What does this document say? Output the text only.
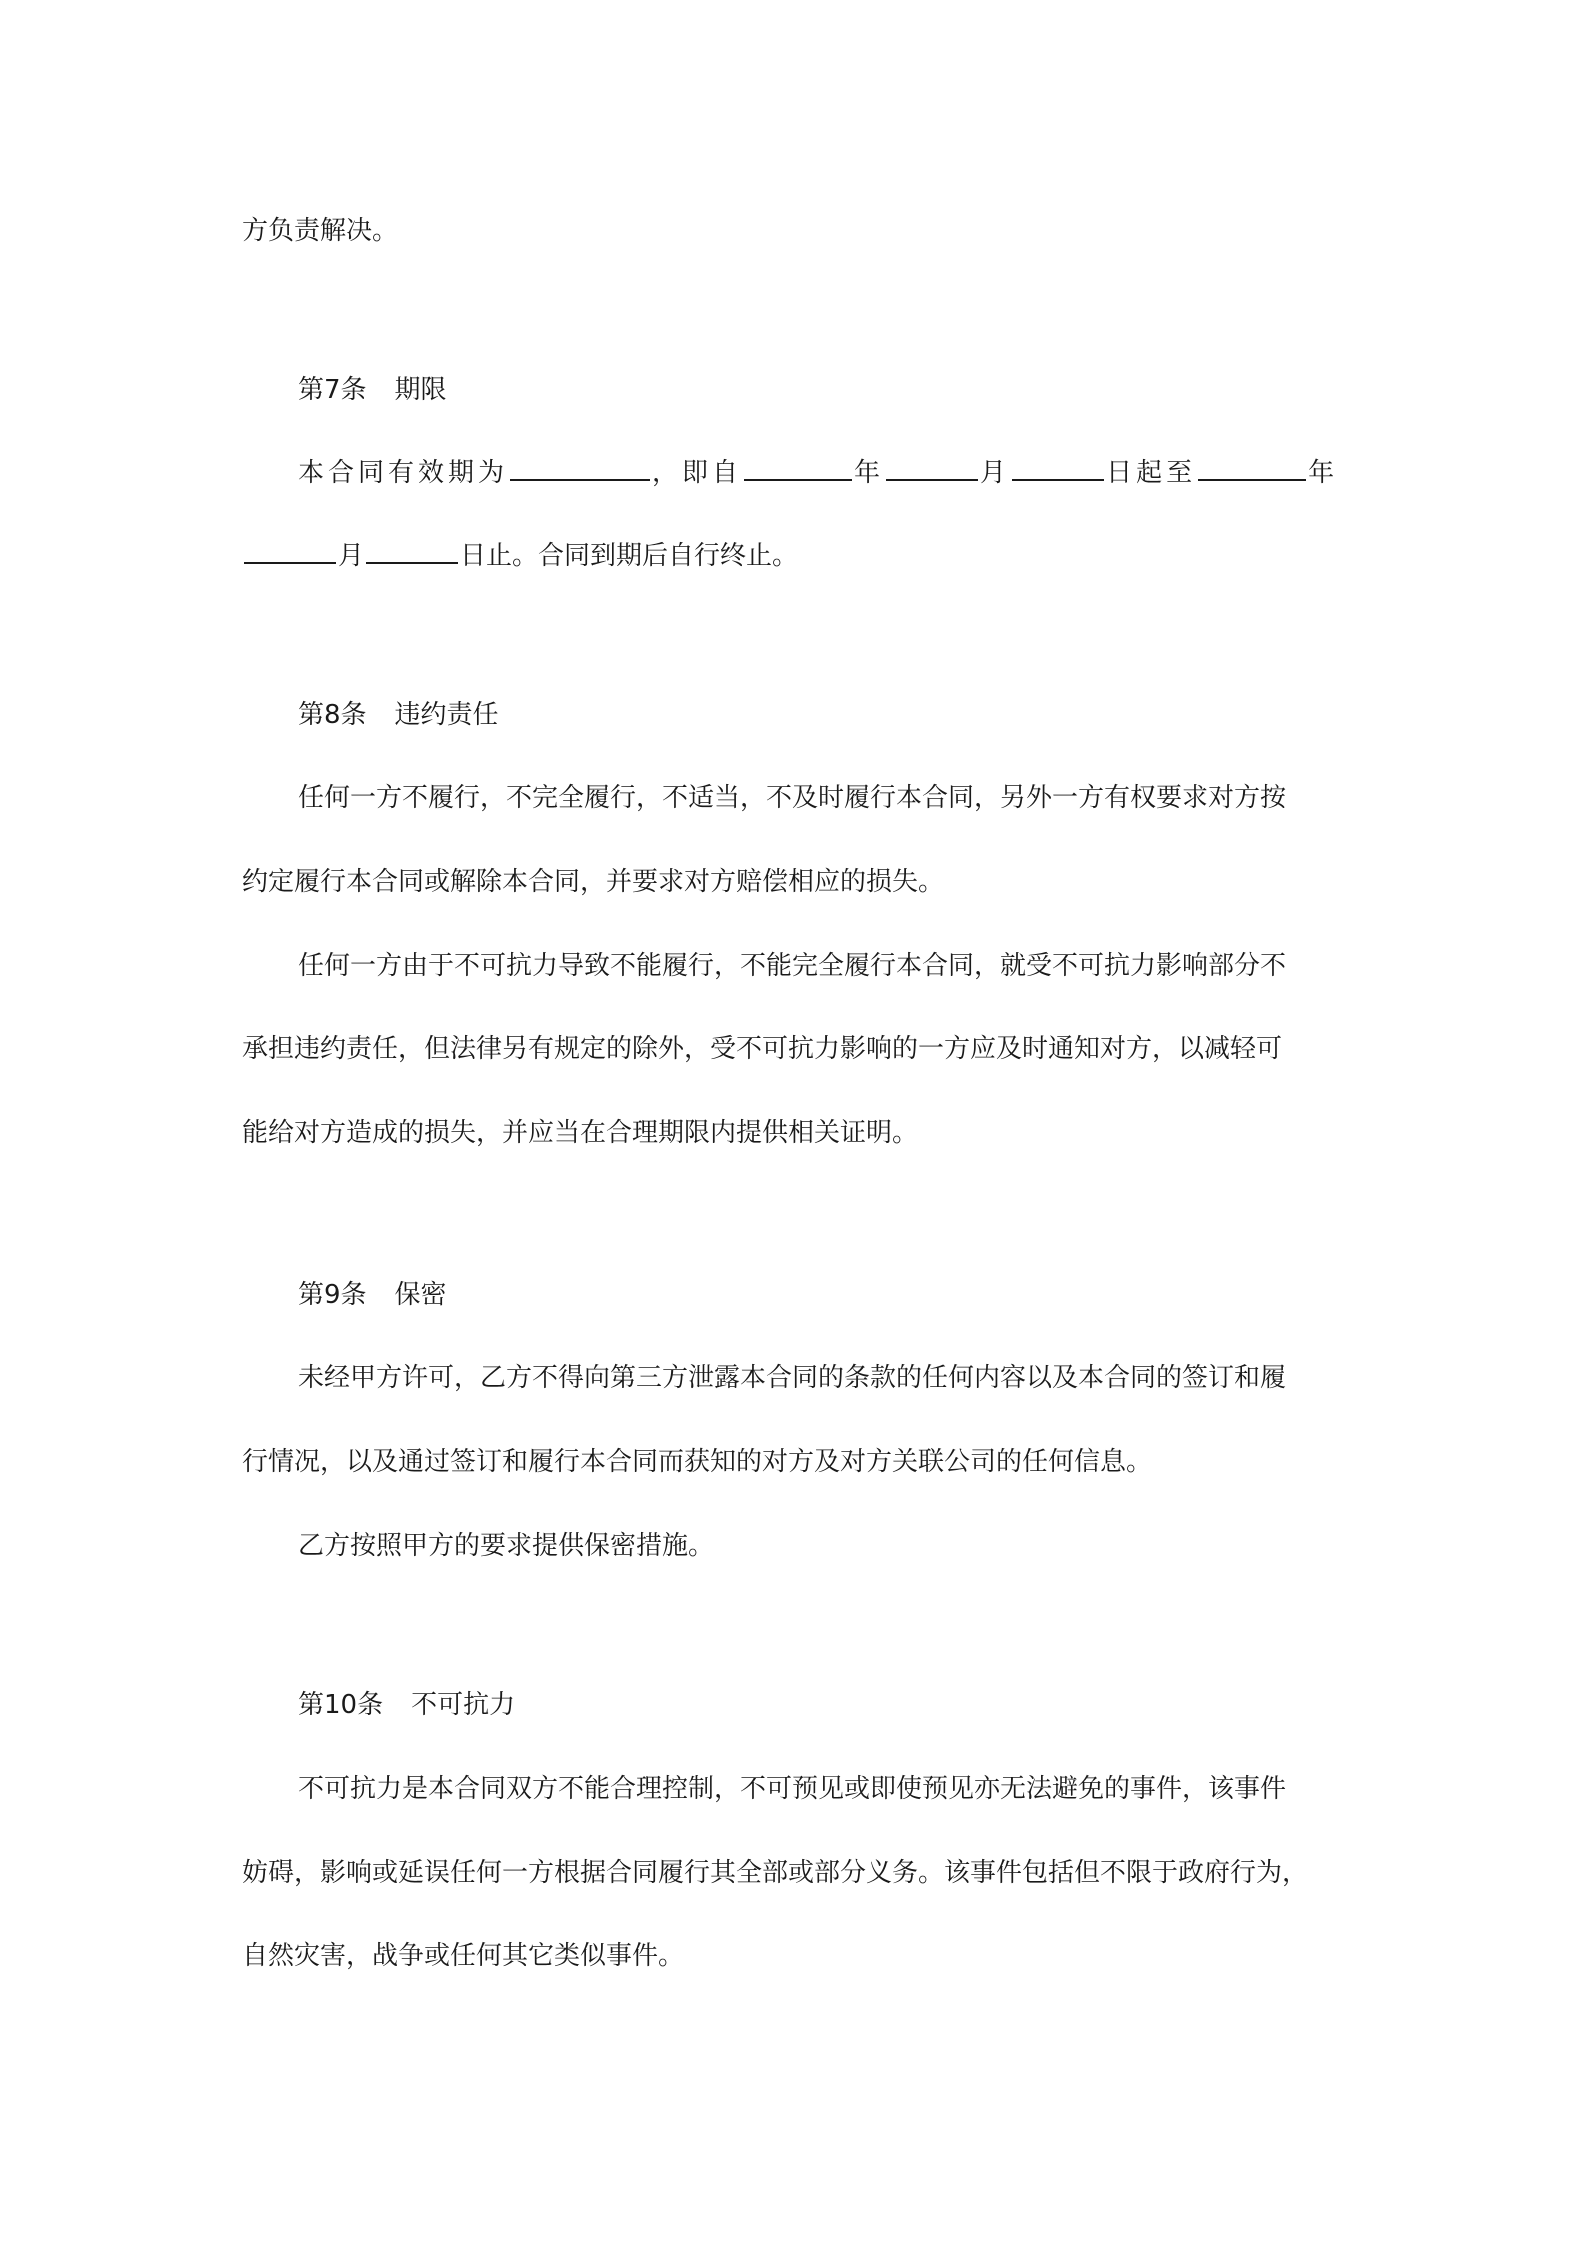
方负责解决。

第7条 期限

本合同有效期为	，即自	年	月	日起至	年

月	日止。合同到期后自行终止。

第8条 违约责任

任何一方不履行，不完全履行，不适当，不及时履行本合同，另外一方有权要求对方按

约定履行本合同或解除本合同，并要求对方赔偿相应的损失。

任何一方由于不可抗力导致不能履行，不能完全履行本合同，就受不可抗力影响部分不

承担违约责任，但法律另有规定的除外，受不可抗力影响的一方应及时通知对方，以减轻可

能给对方造成的损失，并应当在合理期限内提供相关证明。

第9条 保密

未经甲方许可，乙方不得向第三方泄露本合同的条款的任何内容以及本合同的签订和履

行情况，以及通过签订和履行本合同而获知的对方及对方关联公司的任何信息。

乙方按照甲方的要求提供保密措施。

第10条 不可抗力

不可抗力是本合同双方不能合理控制，不可预见或即使预见亦无法避免的事件，该事件

妨碍，影响或延误任何一方根据合同履行其全部或部分义务。该事件包括但不限于政府行为，

自然灾害，战争或任何其它类似事件。
